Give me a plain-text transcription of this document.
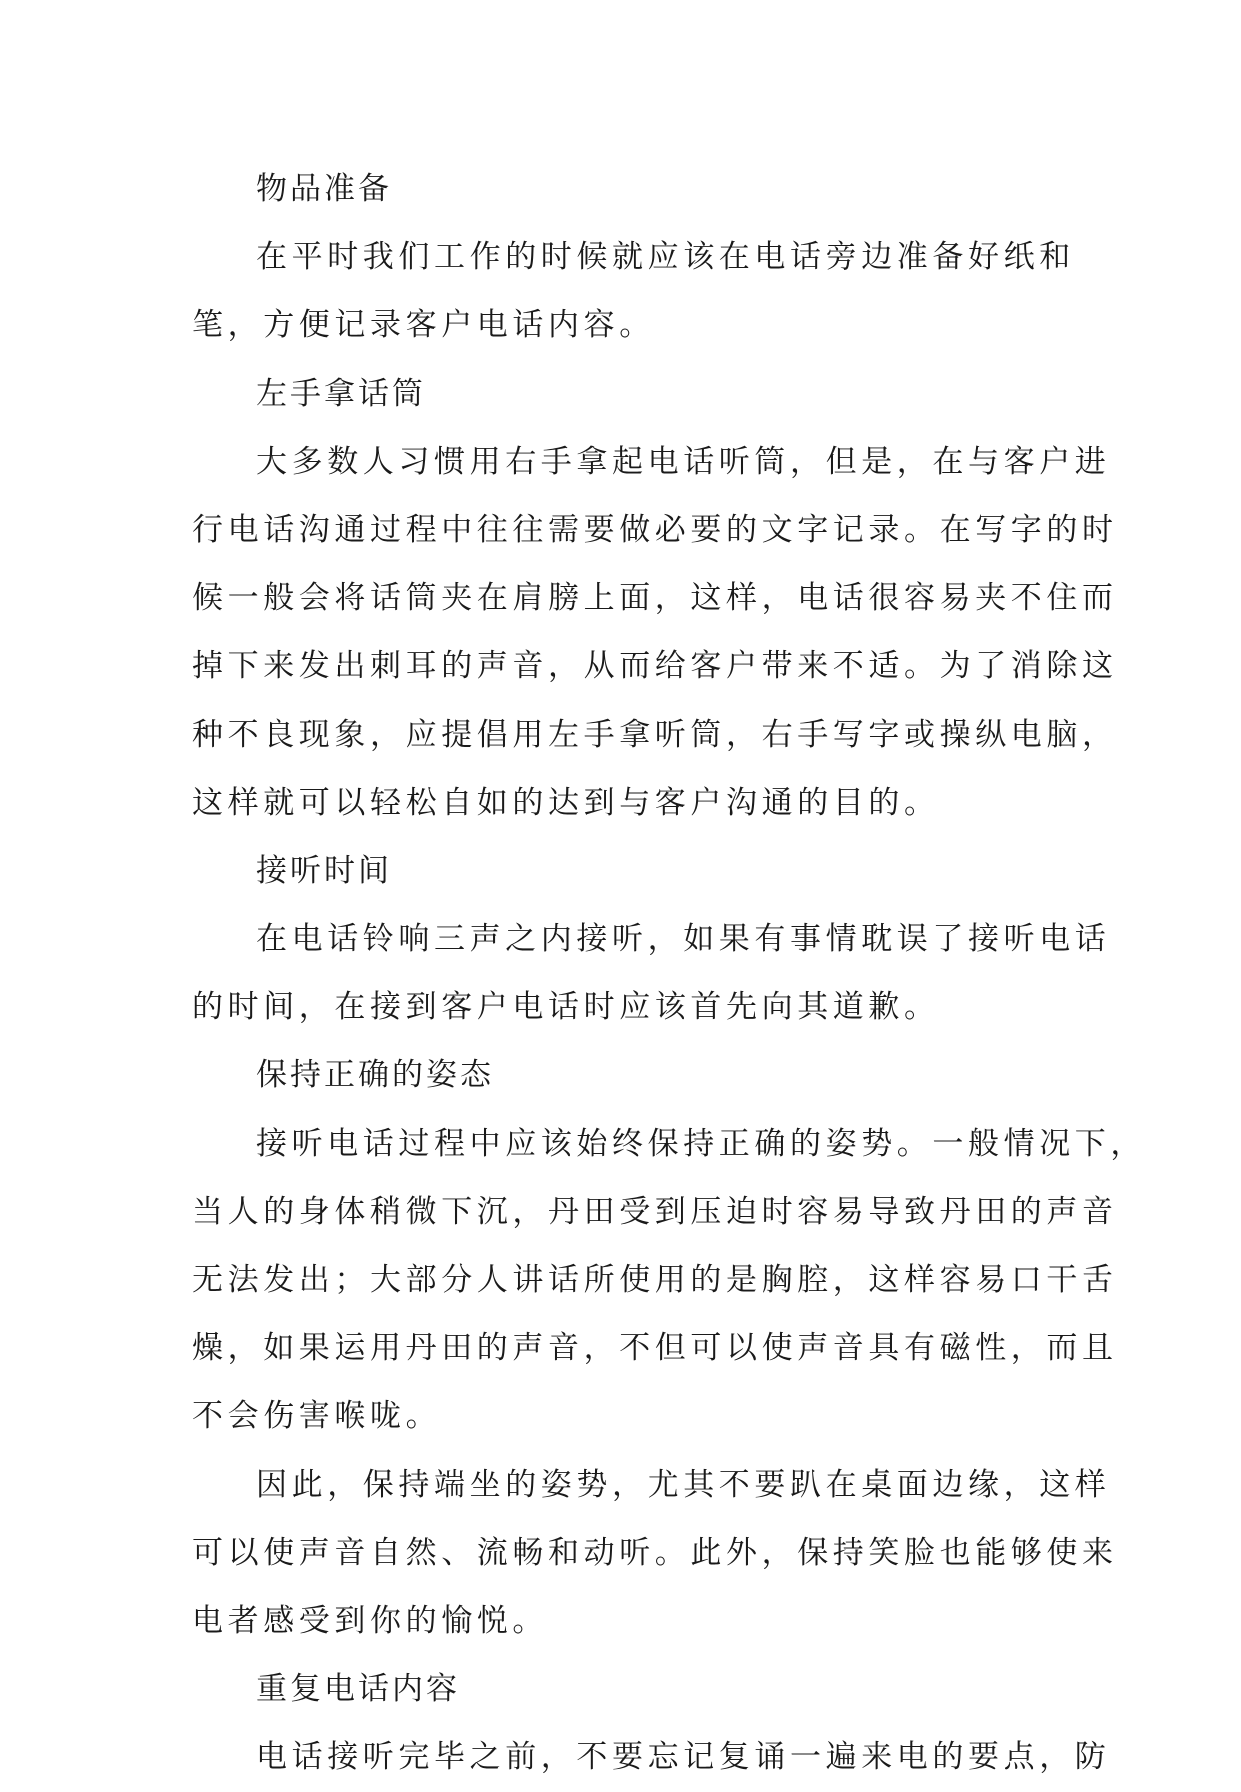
物品准备
在平时我们工作的时候就应该在电话旁边准备好纸和
笔，方便记录客户电话内容。
左手拿话筒
大多数人习惯用右手拿起电话听筒，但是，在与客户进
行电话沟通过程中往往需要做必要的文字记录。在写字的时
候一般会将话筒夹在肩膀上面，这样，电话很容易夹不住而
掉下来发出刺耳的声音，从而给客户带来不适。为了消除这
种不良现象，应提倡用左手拿听筒，右手写字或操纵电脑，
这样就可以轻松自如的达到与客户沟通的目的。
接听时间
在电话铃响三声之内接听，如果有事情耽误了接听电话
的时间，在接到客户电话时应该首先向其道歉。
保持正确的姿态
接听电话过程中应该始终保持正确的姿势。一般情况下，
当人的身体稍微下沉，丹田受到压迫时容易导致丹田的声音
无法发出；大部分人讲话所使用的是胸腔，这样容易口干舌
燥，如果运用丹田的声音，不但可以使声音具有磁性，而且
不会伤害喉咙。
因此，保持端坐的姿势，尤其不要趴在桌面边缘，这样
可以使声音自然、流畅和动听。此外，保持笑脸也能够使来
电者感受到你的愉悦。
重复电话内容
电话接听完毕之前，不要忘记复诵一遍来电的要点，防
